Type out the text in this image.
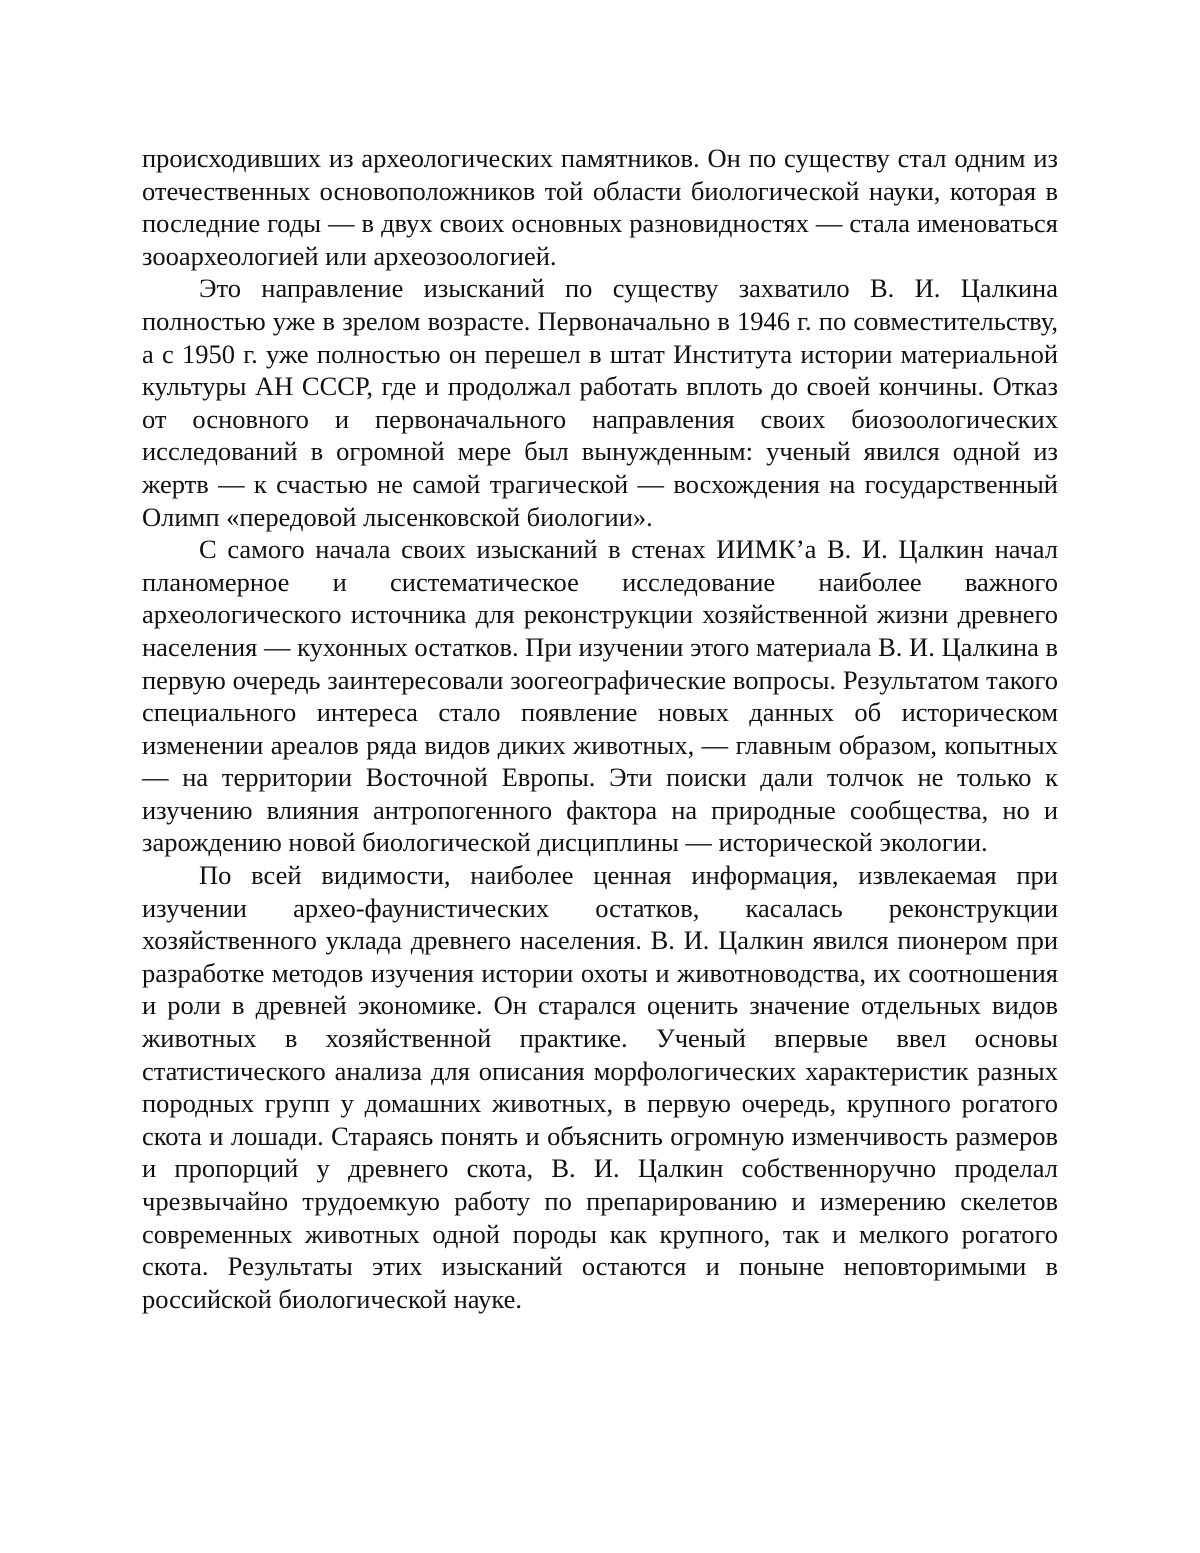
происходивших из археологических памятников. Он по существу стал одним из отечественных основоположников той области биологической науки, которая в последние годы — в двух своих основных разновидностях — стала именоваться зооархеологией или археозоологией.

Это направление изысканий по существу захватило В. И. Цалкина полностью уже в зрелом возрасте. Первоначально в 1946 г. по совместительству, а с 1950 г. уже полностью он перешел в штат Института истории материальной культуры АН СССР, где и продолжал работать вплоть до своей кончины. Отказ от основного и первоначального направления своих биозоологических исследований в огромной мере был вынужденным: ученый явился одной из жертв — к счастью не самой трагической — восхождения на государственный Олимп «передовой лысенковской биологии».

С самого начала своих изысканий в стенах ИИМК’а В. И. Цалкин начал планомерное и систематическое исследование наиболее важного археологического источника для реконструкции хозяйственной жизни древнего населения — кухонных остатков. При изучении этого материала В. И. Цалкина в первую очередь заинтересовали зоогеографические вопросы. Результатом такого специального интереса стало появление новых данных об историческом изменении ареалов ряда видов диких животных, — главным образом, копытных — на территории Восточной Европы. Эти поиски дали толчок не только к изучению влияния антропогенного фактора на природные сообщества, но и зарождению новой биологической дисциплины — исторической экологии.

По всей видимости, наиболее ценная информация, извлекаемая при изучении архео-фаунистических остатков, касалась реконструкции хозяйственного уклада древнего населения. В. И. Цалкин явился пионером при разработке методов изучения истории охоты и животноводства, их соотношения и роли в древней экономике. Он старался оценить значение отдельных видов животных в хозяйственной практике. Ученый впервые ввел основы статистического анализа для описания морфологических характеристик разных породных групп у домашних животных, в первую очередь, крупного рогатого скота и лошади. Стараясь понять и объяснить огромную изменчивость размеров и пропорций у древнего скота, В. И. Цалкин собственноручно проделал чрезвычайно трудоемкую работу по препарированию и измерению скелетов современных животных одной породы как крупного, так и мелкого рогатого скота. Результаты этих изысканий остаются и поныне неповторимыми в российской биологической науке.
